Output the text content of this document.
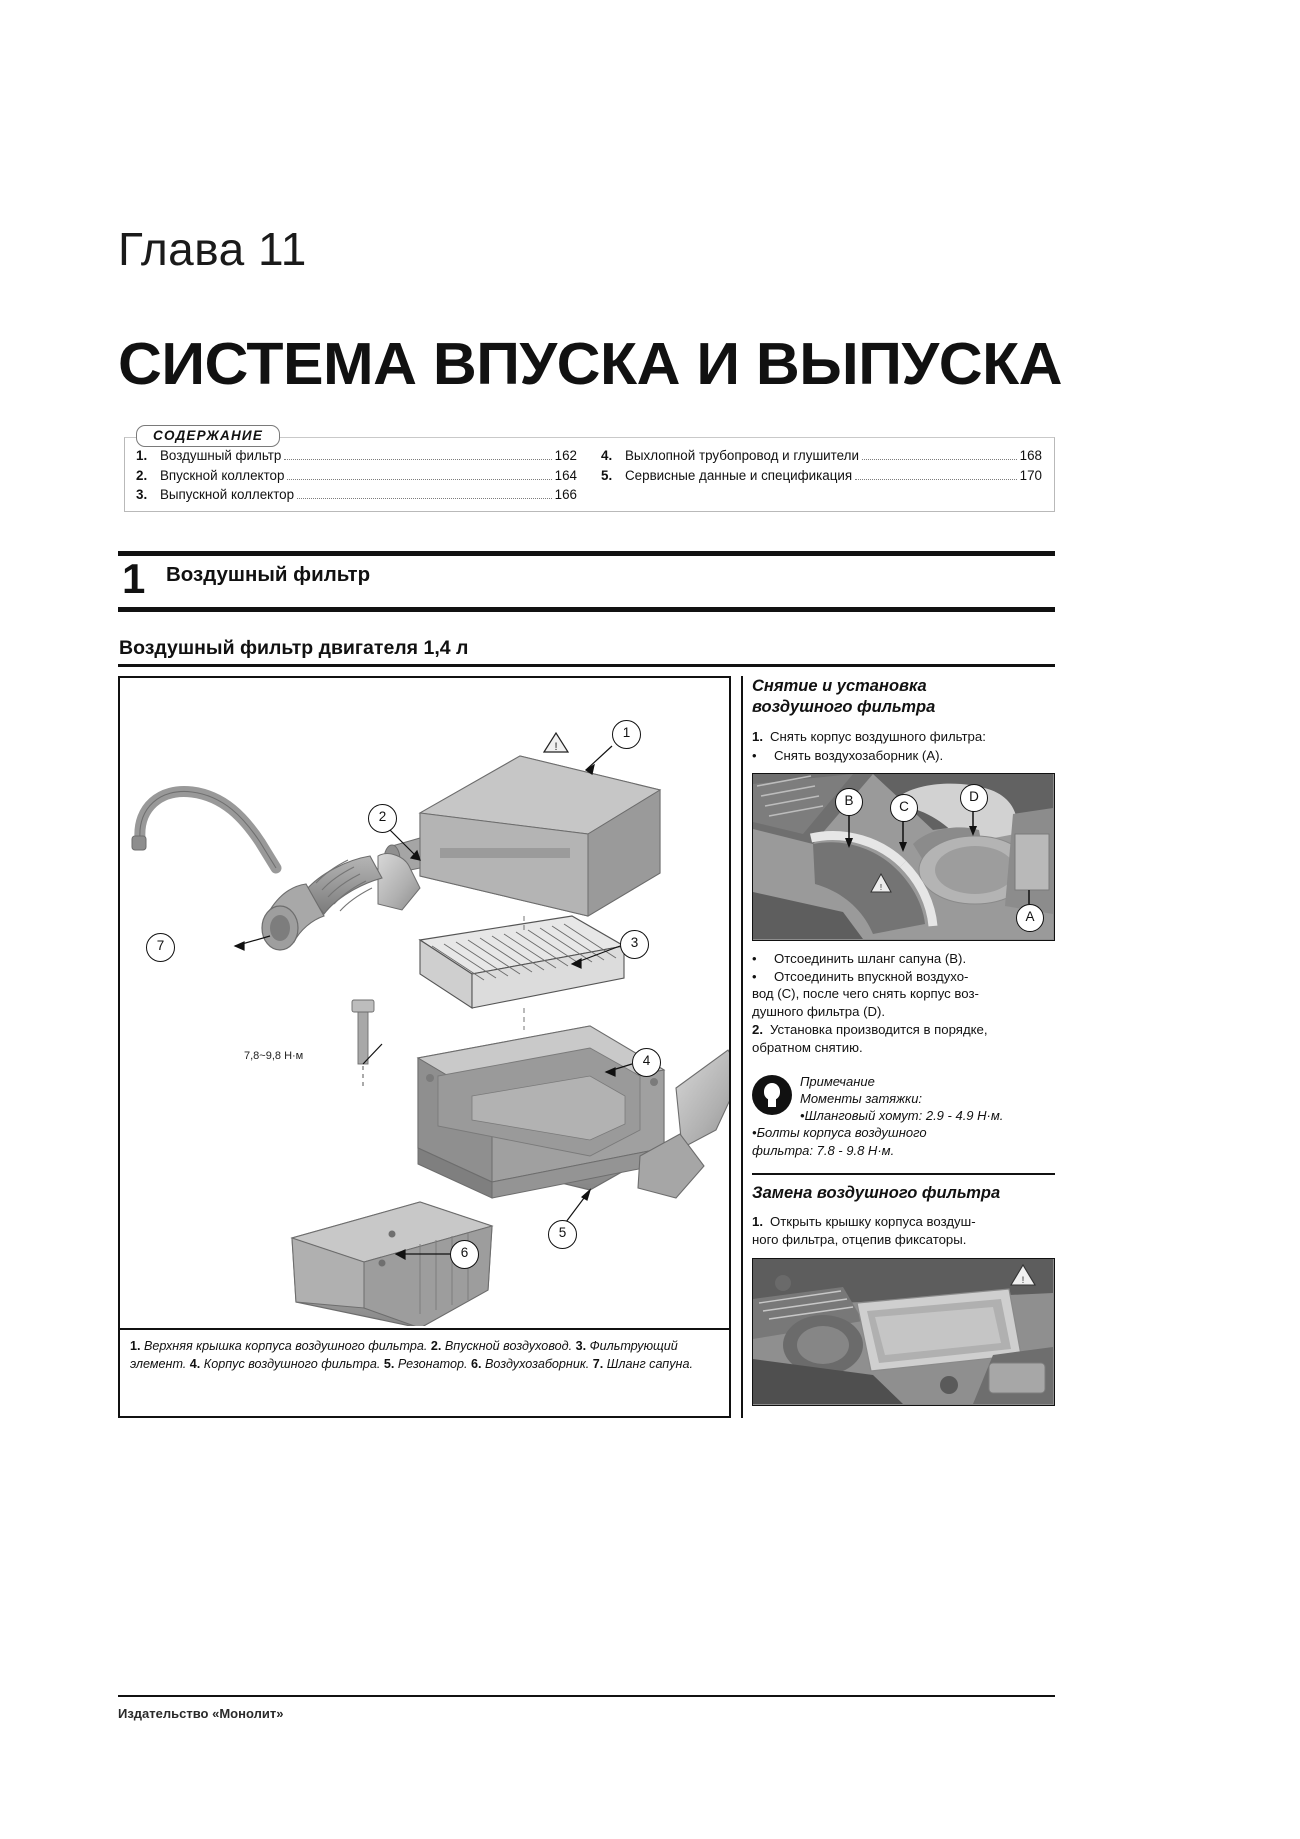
Глава 11
СИСТЕМА ВПУСКА И ВЫПУСКА
СОДЕРЖАНИЕ
1. Воздушный фильтр	162
2. Впускной коллектор	164
3. Выпускной коллектор	166
4. Выхлопной трубопровод и глушители	168
5. Сервисные данные и спецификация	170
1 Воздушный фильтр
Воздушный фильтр двигателя 1,4 л
!
1
2
7	3
4
5
6
7,8~9,8 Н·м
1. Верхняя крышка корпуса воздушного фильтра. 2. Впускной воздуховод. 3. Фильтрующий элемент. 4. Корпус воздушного фильтра. 5. Резонатор. 6. Воздухозаборник. 7. Шланг сапуна.
Снятие и установка
воздушного фильтра
1. Снять корпус воздушного фильтра:
• Снять воздухозаборник (A).
!
B	D
C
A
• Отсоединить шланг сапуна (B).
• Отсоединить впускной воздухо-
вод (C), после чего снять корпус воз-
душного фильтра (D).
2. Установка производится в порядке,
обратном снятию.
Примечание
Моменты затяжки:
• Шланговый хомут: 2.9 - 4.9 Н·м.
• Болты корпуса воздушного
фильтра: 7.8 - 9.8 Н·м.
Замена воздушного фильтра
1. Открыть крышку корпуса воздуш-
ного фильтра, отцепив фиксаторы.
!
Издательство «Монолит»
